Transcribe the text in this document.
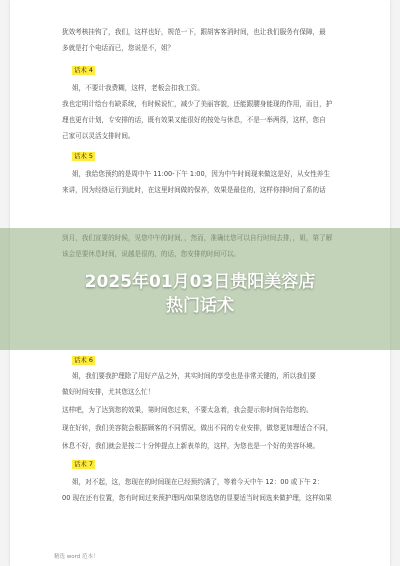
犹效考核挂钩了，我们，这样也好，规范一下，跟胡客客消时间，也让我们服务有保障，最
多就是打个电话而已，您说是不，姐？
话术 4
姐，不要计我费糊，这样，老板会扣我工资。
我也定明计绘台有缺系统，有时候说忙，减少了美丽容貌，还能跟腰身能现的作用，而目，护
理也更有计划，专安排的话，既有效果又能很好的按处与休息，不是一举两得，这样，您自
己家可以灵活支排时间。
话术 5
姐，我给您预约的是周中午 11:00-下午 1:00，因为中午时间现来做这是好，从女性养生
来讲，因为经络运行到此时，在这里时间做的保养，效果是最佳的，这样你排时间了系的话
话术 6
姐，我们要我护理除了用好产品之外，其实时间的享受也是非常关键的，所以我们要
做好时间安排，尤其您这么忙！
这样吧，为了达到您的效果，第时间您过来，不要太急着，我会提示你时间告给您的。
现在好转，我们美容院会根据顾客的不同情况，做出不同的专业安排，做您更加理适合不同，
休息不好，我们就会是按二十分钟提点上新表单的，这样，为您也是一个好的美容环境。
话术 7
姐，对不起，这，您现在的时间现在已经预约满了，等着今天中午 12：00 或下午 2：
00 现在还有位置，您有时间过来预护理吗/如果您选您的显要适当时间选来做护理，这样如果
精选 word 范本！
2025年01月03日贵阳美容店
热门话术
